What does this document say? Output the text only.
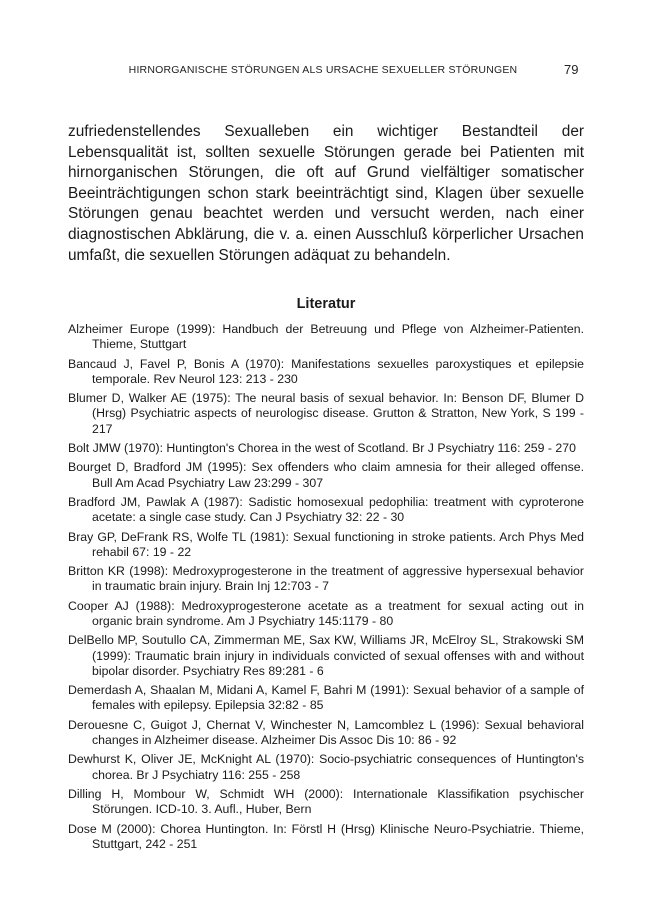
HIRNORGANISCHE STÖRUNGEN ALS URSACHE SEXUELLER STÖRUNGEN	79

zufriedenstellendes Sexualleben ein wichtiger Bestandteil der Lebensqualität ist, sollten sexuelle Störungen gerade bei Patienten mit hirnorganischen Störungen, die oft auf Grund vielfältiger somatischer Beeinträchtigungen schon stark beeinträchtigt sind, Klagen über sexuelle Störungen genau beachtet werden und versucht werden, nach einer diagnostischen Abklärung, die v. a. einen Ausschluß körperlicher Ursachen umfaßt, die sexuellen Störungen adäquat zu behandeln.

Literatur
Alzheimer Europe (1999): Handbuch der Betreuung und Pflege von Alzheimer-Patienten. Thieme, Stuttgart
Bancaud J, Favel P, Bonis A (1970): Manifestations sexuelles paroxystiques et epilepsie temporale. Rev Neurol 123: 213 - 230
Blumer D, Walker AE (1975): The neural basis of sexual behavior. In: Benson DF, Blumer D (Hrsg) Psychiatric aspects of neurologisc disease. Grutton & Stratton, New York, S 199 - 217
Bolt JMW (1970): Huntington's Chorea in the west of Scotland. Br J Psychiatry 116: 259 - 270
Bourget D, Bradford JM (1995): Sex offenders who claim amnesia for their alleged offense. Bull Am Acad Psychiatry Law 23:299 - 307
Bradford JM, Pawlak A (1987): Sadistic homosexual pedophilia: treatment with cyproterone acetate: a single case study. Can J Psychiatry 32: 22 - 30
Bray GP, DeFrank RS, Wolfe TL (1981): Sexual functioning in stroke patients. Arch Phys Med rehabil 67: 19 - 22
Britton KR (1998): Medroxyprogesterone in the treatment of aggressive hypersexual behavior in traumatic brain injury. Brain Inj 12:703 - 7
Cooper AJ (1988): Medroxyprogesterone acetate as a treatment for sexual acting out in organic brain syndrome. Am J Psychiatry 145:1179 - 80
DelBello MP, Soutullo CA, Zimmerman ME, Sax KW, Williams JR, McElroy SL, Strakowski SM (1999): Traumatic brain injury in individuals convicted of sexual offenses with and without bipolar disorder. Psychiatry Res 89:281 - 6
Demerdash A, Shaalan M, Midani A, Kamel F, Bahri M (1991): Sexual behavior of a sample of females with epilepsy. Epilepsia 32:82 - 85
Derouesne C, Guigot J, Chernat V, Winchester N, Lamcomblez L (1996): Sexual behavioral changes in Alzheimer disease. Alzheimer Dis Assoc Dis 10: 86 - 92
Dewhurst K, Oliver JE, McKnight AL (1970): Socio-psychiatric consequences of Huntington's chorea. Br J Psychiatry 116: 255 - 258
Dilling H, Mombour W, Schmidt WH (2000): Internationale Klassifikation psychischer Störungen. ICD-10. 3. Aufl., Huber, Bern
Dose M (2000): Chorea Huntington. In: Förstl H (Hrsg) Klinische Neuro-Psychiatrie. Thieme, Stuttgart, 242 - 251
